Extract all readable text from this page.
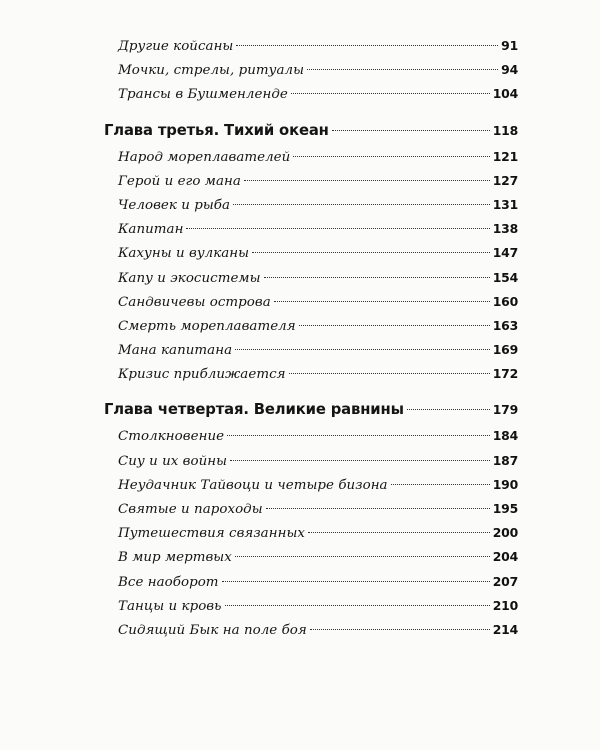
Другие койсаны	91
Мочки, стрелы, ритуалы	94
Трансы в Бушменленде	104
Глава третья. Тихий океан	118
Народ мореплавателей	121
Герой и его мана	127
Человек и рыба	131
Капитан	138
Кахуны и вулканы	147
Капу и экосистемы	154
Сандвичевы острова	160
Смерть мореплавателя	163
Мана капитана	169
Кризис приближается	172
Глава четвертая. Великие равнины	179
Столкновение	184
Сиу и их войны	187
Неудачник Тайвоци и четыре бизона	190
Святые и пароходы	195
Путешествия связанных	200
В мир мертвых	204
Все наоборот	207
Танцы и кровь	210
Сидящий Бык на поле боя	214
